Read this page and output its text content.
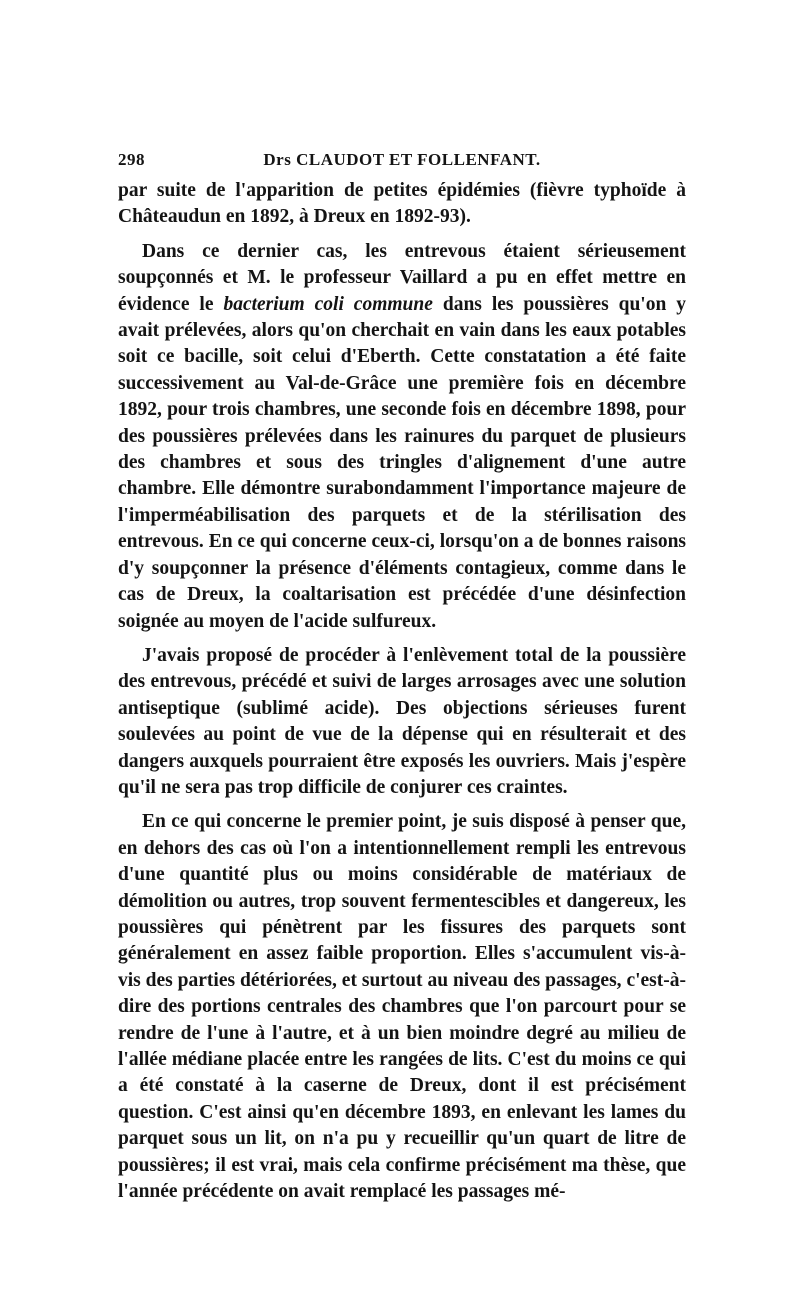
298	Drs CLAUDOT ET FOLLENFANT.

par suite de l'apparition de petites épidémies (fièvre typhoïde à Châteaudun en 1892, à Dreux en 1892-93).

Dans ce dernier cas, les entrevous étaient sérieusement soupçonnés et M. le professeur Vaillard a pu en effet mettre en évidence le bacterium coli commune dans les poussières qu'on y avait prélevées, alors qu'on cherchait en vain dans les eaux potables soit ce bacille, soit celui d'Eberth. Cette constatation a été faite successivement au Val-de-Grâce une première fois en décembre 1892, pour trois chambres, une seconde fois en décembre 1898, pour des poussières prélevées dans les rainures du parquet de plusieurs des chambres et sous des tringles d'alignement d'une autre chambre. Elle démontre surabondamment l'importance majeure de l'imperméabilisation des parquets et de la stérilisation des entrevous. En ce qui concerne ceux-ci, lorsqu'on a de bonnes raisons d'y soupçonner la présence d'éléments contagieux, comme dans le cas de Dreux, la coaltarisation est précédée d'une désinfection soignée au moyen de l'acide sulfureux.

J'avais proposé de procéder à l'enlèvement total de la poussière des entrevous, précédé et suivi de larges arrosages avec une solution antiseptique (sublimé acide). Des objections sérieuses furent soulevées au point de vue de la dépense qui en résulterait et des dangers auxquels pourraient être exposés les ouvriers. Mais j'espère qu'il ne sera pas trop difficile de conjurer ces craintes.

En ce qui concerne le premier point, je suis disposé à penser que, en dehors des cas où l'on a intentionnellement rempli les entrevous d'une quantité plus ou moins considérable de matériaux de démolition ou autres, trop souvent fermentescibles et dangereux, les poussières qui pénètrent par les fissures des parquets sont généralement en assez faible proportion. Elles s'accumulent vis-à-vis des parties détériorées, et surtout au niveau des passages, c'est-à-dire des portions centrales des chambres que l'on parcourt pour se rendre de l'une à l'autre, et à un bien moindre degré au milieu de l'allée médiane placée entre les rangées de lits. C'est du moins ce qui a été constaté à la caserne de Dreux, dont il est précisément question. C'est ainsi qu'en décembre 1893, en enlevant les lames du parquet sous un lit, on n'a pu y recueillir qu'un quart de litre de poussières; il est vrai, mais cela confirme précisément ma thèse, que l'année précédente on avait remplacé les passages mé-
